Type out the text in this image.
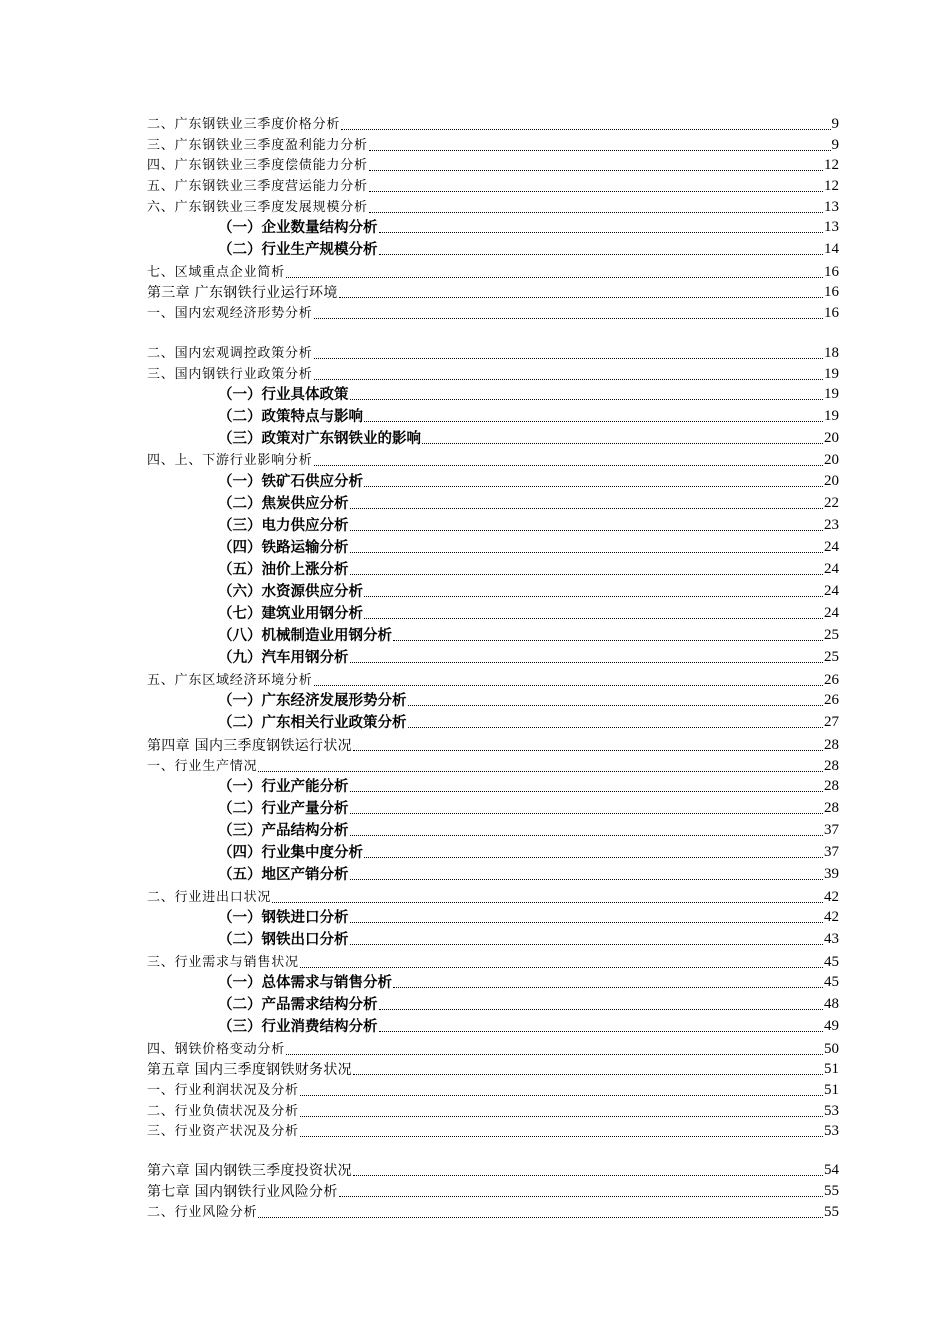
二、广东钢铁业三季度价格分析	9
三、广东钢铁业三季度盈利能力分析	9
四、广东钢铁业三季度偿债能力分析	12
五、广东钢铁业三季度营运能力分析	12
六、广东钢铁业三季度发展规模分析	13
（一）企业数量结构分析	13
（二）行业生产规模分析	14
七、区域重点企业简析	16
第三章 广东钢铁行业运行环境	16
一、国内宏观经济形势分析	16
二、国内宏观调控政策分析	18
三、国内钢铁行业政策分析	19
（一）行业具体政策	19
（二）政策特点与影响	19
（三）政策对广东钢铁业的影响	20
四、上、下游行业影响分析	20
（一）铁矿石供应分析	20
（二）焦炭供应分析	22
（三）电力供应分析	23
（四）铁路运输分析	24
（五）油价上涨分析	24
（六）水资源供应分析	24
（七）建筑业用钢分析	24
（八）机械制造业用钢分析	25
（九）汽车用钢分析	25
五、广东区域经济环境分析	26
（一）广东经济发展形势分析	26
（二）广东相关行业政策分析	27
第四章 国内三季度钢铁运行状况	28
一、行业生产情况	28
（一）行业产能分析	28
（二）行业产量分析	28
（三）产品结构分析	37
（四）行业集中度分析	37
（五）地区产销分析	39
二、行业进出口状况	42
（一）钢铁进口分析	42
（二）钢铁出口分析	43
三、行业需求与销售状况	45
（一）总体需求与销售分析	45
（二）产品需求结构分析	48
（三）行业消费结构分析	49
四、钢铁价格变动分析	50
第五章 国内三季度钢铁财务状况	51
一、行业利润状况及分析	51
二、行业负债状况及分析	53
三、行业资产状况及分析	53
第六章 国内钢铁三季度投资状况	54
第七章 国内钢铁行业风险分析	55
二、行业风险分析	55
